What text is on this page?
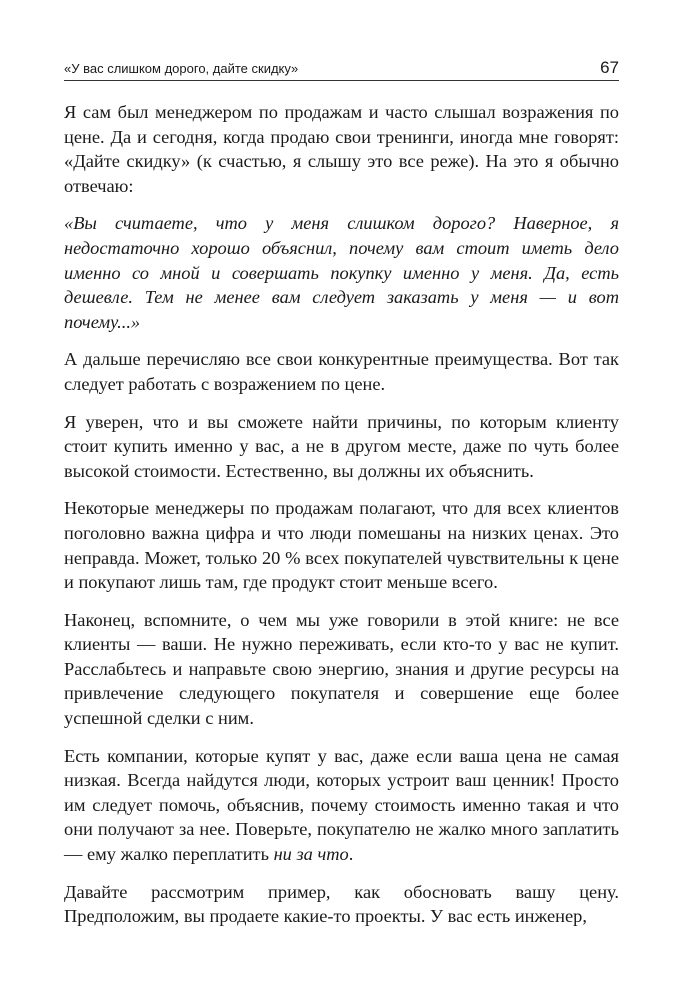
«У вас слишком дорого, дайте скидку»	67

Я сам был менеджером по продажам и часто слышал возражения по цене. Да и сегодня, когда продаю свои тренинги, иногда мне говорят: «Дайте скидку» (к счастью, я слышу это все реже). На это я обычно отвечаю:

«Вы считаете, что у меня слишком дорого? Наверное, я недостаточно хорошо объяснил, почему вам стоит иметь дело именно со мной и совершать покупку именно у меня. Да, есть дешевле. Тем не менее вам следует заказать у меня — и вот почему...»

А дальше перечисляю все свои конкурентные преимущества. Вот так следует работать с возражением по цене.

Я уверен, что и вы сможете найти причины, по которым клиенту стоит купить именно у вас, а не в другом месте, даже по чуть более высокой стоимости. Естественно, вы должны их объяснить.

Некоторые менеджеры по продажам полагают, что для всех клиентов поголовно важна цифра и что люди помешаны на низких ценах. Это неправда. Может, только 20 % всех покупателей чувствительны к цене и покупают лишь там, где продукт стоит меньше всего.

Наконец, вспомните, о чем мы уже говорили в этой книге: не все клиенты — ваши. Не нужно переживать, если кто-то у вас не купит. Расслабьтесь и направьте свою энергию, знания и другие ресурсы на привлечение следующего покупателя и совершение еще более успешной сделки с ним.

Есть компании, которые купят у вас, даже если ваша цена не самая низкая. Всегда найдутся люди, которых устроит ваш ценник! Просто им следует помочь, объяснив, почему стоимость именно такая и что они получают за нее. Поверьте, покупателю не жалко много заплатить — ему жалко переплатить ни за что.

Давайте рассмотрим пример, как обосновать вашу цену. Предположим, вы продаете какие-то проекты. У вас есть инженер,
